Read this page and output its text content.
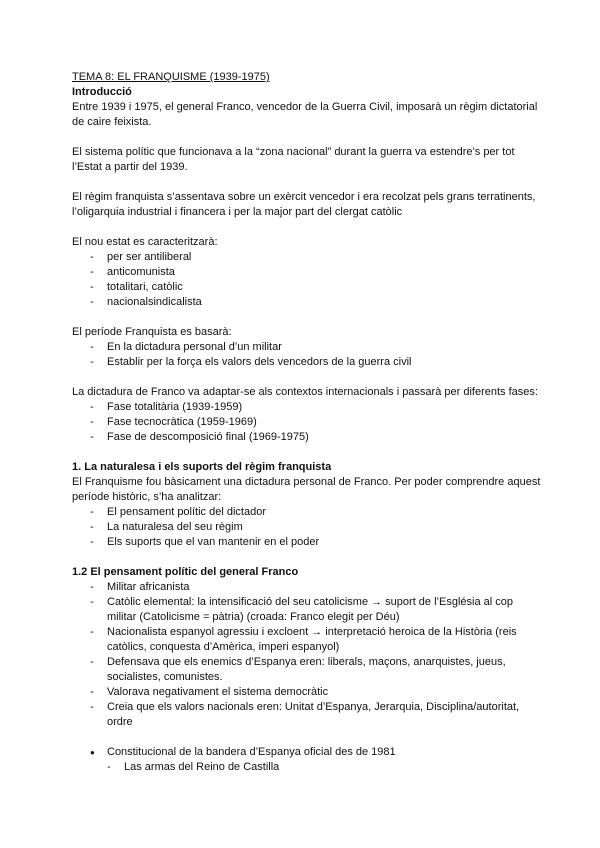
TEMA 8: EL FRANQUISME (1939-1975)

Introducció

Entre 1939 i 1975, el general Franco, vencedor de la Guerra Civil, imposarà un règim dictatorial de caire feixista.

El sistema polític que funcionava a la “zona nacional” durant la guerra va estendre’s per tot l’Estat a partir del 1939.

El règim franquista s’assentava sobre un exèrcit vencedor i era recolzat pels grans terratinents, l’oligarquia industrial i financera i per la major part del clergat catòlic

El nou estat es caracteritzarà:

- per ser antiliberal
- anticomunista
- totalitari, catòlic
- nacionalsindicalista

El període Franquista es basarà:

- En la dictadura personal d’un militar
- Establir per la força els valors dels vencedors de la guerra civil

La dictadura de Franco va adaptar-se als contextos internacionals i passarà per diferents fases:

- Fase totalitària (1939-1959)
- Fase tecnocràtica (1959-1969)
- Fase de descomposició final (1969-1975)

1. La naturalesa i els suports del règim franquista

El Franquisme fou bàsicament una dictadura personal de Franco. Per poder comprendre aquest període històric, s’ha analitzar:

- El pensament polític del dictador
- La naturalesa del seu règim
- Els suports que el van mantenir en el poder

1.2 El pensament polític del general Franco

- Militar africanista
- Catòlic elemental: la intensificació del seu catolicisme → suport de l’Església al cop militar (Catolicisme = pàtria) (croada: Franco elegit per Déu)
- Nacionalista espanyol agressiu i excloent → interpretació heroica de la Història (reis catòlics, conquesta d’Amèrica, imperi espanyol)
- Defensava que els enemics d’Espanya eren: liberals, maçons, anarquistes, jueus, socialistes, comunistes.
- Valorava negativament el sistema democràtic
- Creia que els valors nacionals eren: Unitat d’Espanya, Jerarquia, Disciplina/autoritat, ordre
● Constitucional de la bandera d’Espanya oficial des de 1981
- Las armas del Reino de Castilla
